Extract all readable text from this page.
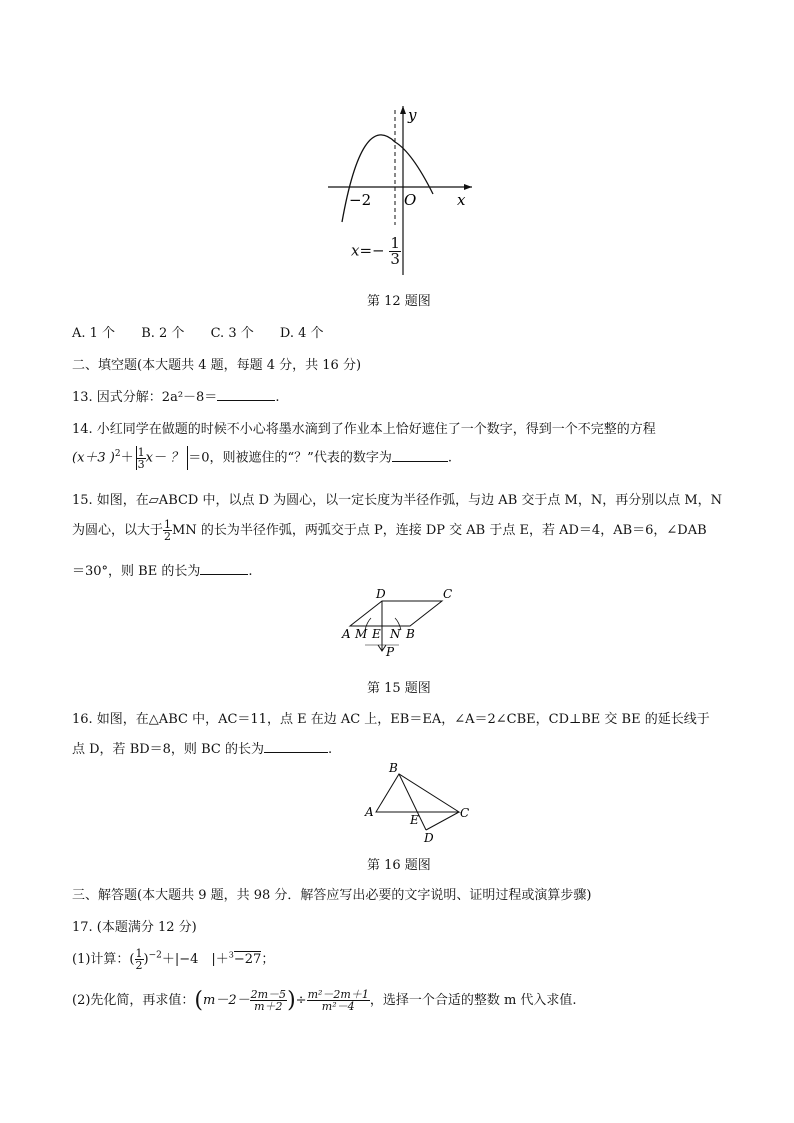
y
x
O
−2
$x=- \frac{1}{3}$
第 12 题图
A. 1 个 B. 2 个 C. 3 个 D. 4 个
二、填空题(本大题共 4 题，每题 4 分，共 16 分)
13. 因式分解：2a²－8＝	.
14. 小红同学在做题的时候不小心将墨水滴到了作业本上恰好遮住了一个数字，得到一个不完整的方程
(x＋3 )$^2+ \frac{1}{3} x-$ ？ ＝0，则被遮住的“？”代表的数字为	.
15. 如图，在▱ABCD 中，以点 D 为圆心，以一定长度为半径作弧，与边 AB 交于点 M，N，再分别以点 M，N
为圆心，以大于 $\frac{1}{2}$ MN 的长为半径作弧，两弧交于点 P，连接 DP 交 AB 于点 E，若 AD＝4，AB＝6，∠DAB
＝30°，则 BE 的长为	.
D	C
A M E N B
P
第 15 题图
16. 如图，在△ABC 中，AC＝11，点 E 在边 AC 上，EB＝EA，∠A＝2∠CBE，CD⊥BE 交 BE 的延长线于
点 D，若 BD＝8，则 BC 的长为	.
B
A
E	C
D
第 16 题图
三、解答题(本大题共 9 题，共 98 分．解答应写出必要的文字说明、证明过程或演算步骤)
17. (本题满分 12 分)
(1)计算：( $\frac{1}{2} )^{-2}+|-4$　|＋$^3$−27；
(2)先化简，再求值：($m-2- \frac{2m-5}{m+2}$ )÷ $\frac{\text{m²－2m＋1}}{\text{m²－4}}$ ，选择一个合适的整数 m 代入求值.
